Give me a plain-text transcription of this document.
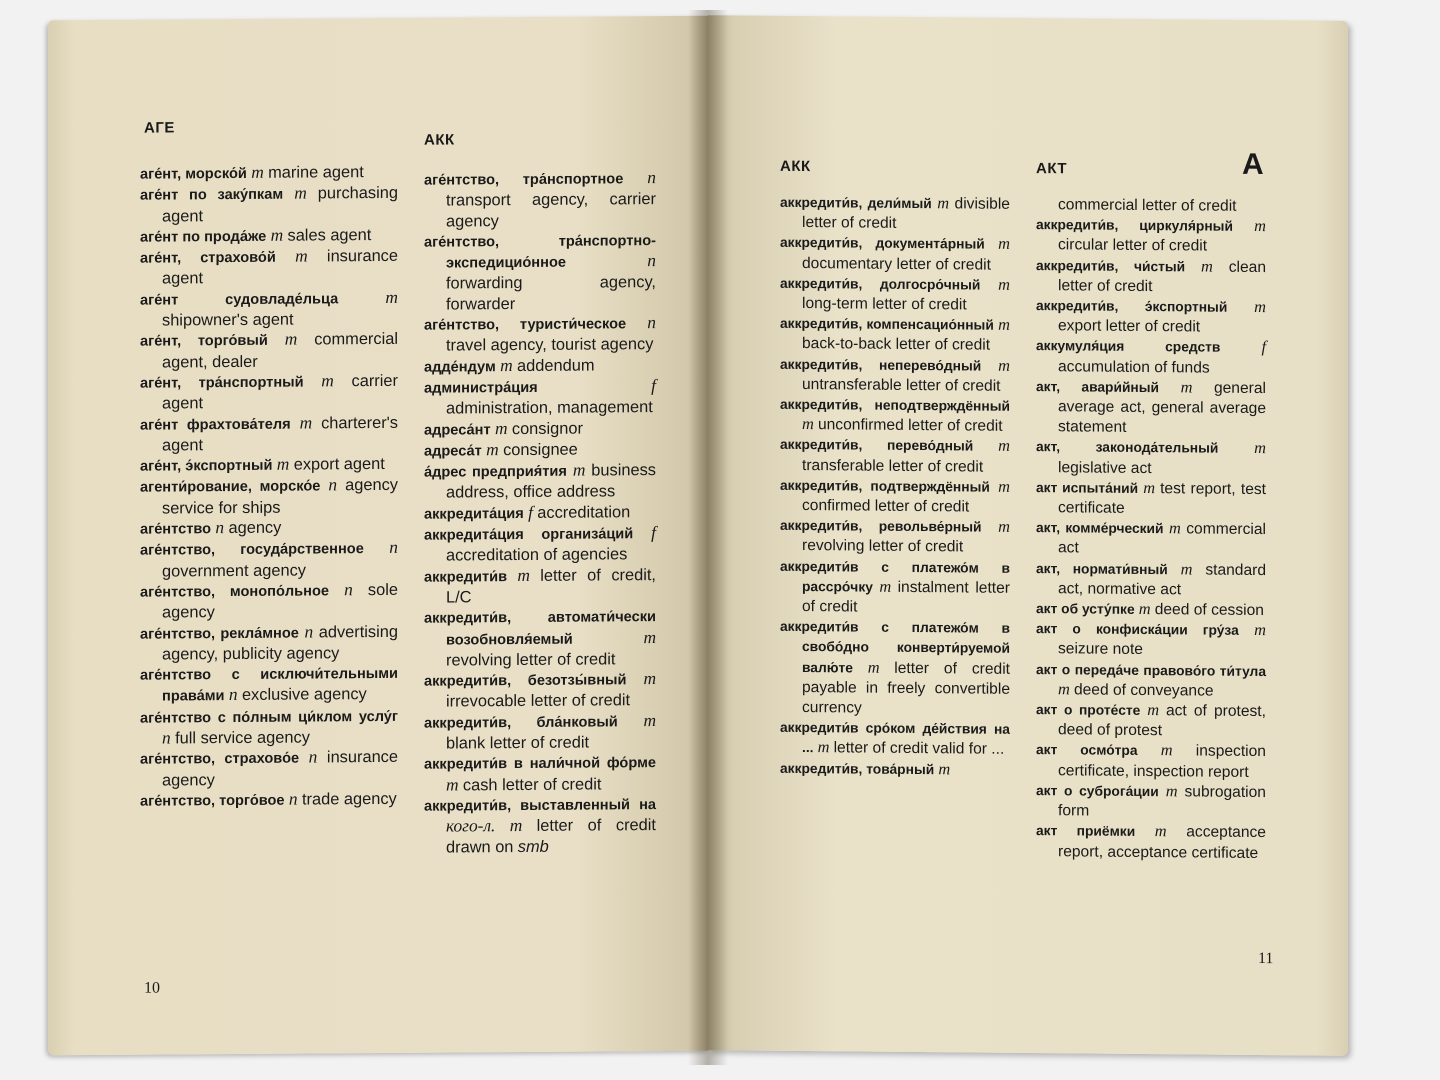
АГЕ
АКК
аге́нт, морско́й m marine agent
аге́нт по заку́пкам m purchasing agent
аге́нт по прода́же m sales agent
аге́нт, страхово́й m insurance agent
аге́нт судовладе́льца	m shipowner's agent
аге́нт, торго́вый m commercial agent, dealer
аге́нт, тра́нспортный m carrier agent
аге́нт фрахтова́теля m charterer's agent
аге́нт, э́кспортный m export agent
агенти́рование, морско́е n agency service for ships
аге́нтство n agency
аге́нтство, госуда́рственное n government agency
аге́нтство, монопо́льное n sole agency
аге́нтство, рекла́мное n advertising agency, publicity agency
аге́нтство с исключи́тельными права́ми n exclusive agency
аге́нтство с по́лным ци́клом услу́г n full service agency
аге́нтство, страхово́е n insurance agency
аге́нтство, торго́вое n trade agency
аге́нтство, тра́нспортное n transport agency, carrier agency
аге́нтство, тра́нспортно-экспедицио́нное	n forwarding agency, forwarder
аге́нтство, туристи́ческое n travel agency, tourist agency
адде́ндум m addendum
администра́ция	f administration, management
адреса́нт m consignor
адреса́т m consignee
а́дрес предприя́тия m business address, office address
аккредита́ция f accreditation
аккредита́ция организа́ций f accreditation of agencies
аккредити́в m letter of credit, L/C
аккредити́в, автомати́чески возобновля́емый	m revolving letter of credit
аккредити́в, безотзы́вный m irrevocable letter of credit
аккредити́в, бла́нковый m blank letter of credit
аккредити́в в нали́чной фо́рме m cash letter of credit
аккредити́в, выставленный на кого-л. m letter of credit drawn on smb
10
АКК	АКТ	А
аккредити́в, дели́мый m divisible letter of credit
аккредити́в, документа́рный m documentary letter of credit
аккредити́в, долгосро́чный m long-term letter of credit
аккредити́в, компенсацио́нный m back-to-back letter of credit
аккредити́в, неперево́дный m untransferable letter of credit
аккредити́в, неподтверждённый m unconfirmed letter of credit
аккредити́в, перево́дный m transferable letter of credit
аккредити́в, подтверждённый m confirmed letter of credit
аккредити́в, револьве́рный m revolving letter of credit
аккредити́в с платежо́м в рассро́чку m instalment letter of credit
аккредити́в с платежо́м в свобо́дно конверти́руемой валю́те m letter of credit payable in freely convertible currency
аккредити́в сро́ком де́йствия на ... m letter of credit valid for ...
аккредити́в, това́рный m
commercial letter of credit
аккредити́в, циркуля́рный m circular letter of credit
аккредити́в, чи́стый m clean letter of credit
аккредити́в, э́кспортный m export letter of credit
аккумуля́ция средств	f accumulation of funds
акт, авари́йный m general average act, general average statement
акт, законода́тельный m legislative act
акт испыта́ний m test report, test certificate
акт, комме́рческий m commercial act
акт, нормати́вный m standard act, normative act
акт об усту́пке m deed of cession
акт о конфиска́ции гру́за m seizure note
акт о переда́че правово́го ти́тула m deed of conveyance
акт о проте́сте m act of protest, deed of protest
акт осмо́тра m inspection certificate, inspection report
акт о суброга́ции m subrogation form
акт приёмки m acceptance report, acceptance certificate
11
